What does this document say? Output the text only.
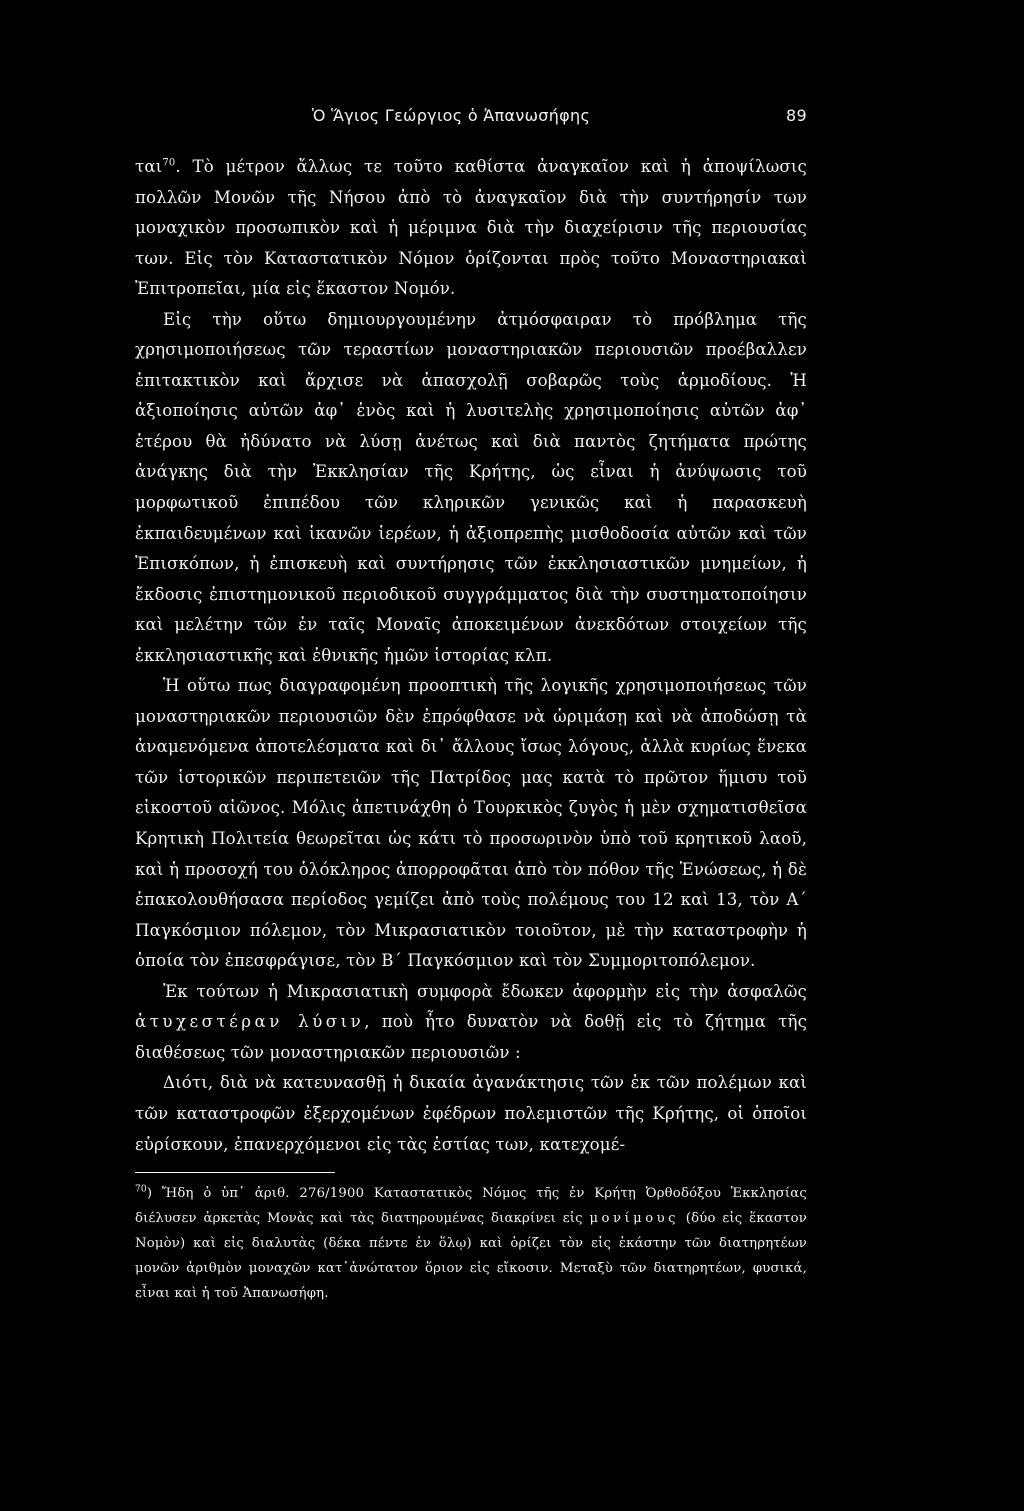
Ὁ Ἅγιος Γεώργιος ὁ Ἀπανωσήφης	89

ται$^{70}$. Τὸ μέτρον ἄλλως τε τοῦτο καθίστα ἀναγκαῖον καὶ ἡ ἀποψίλωσις πολλῶν Μονῶν τῆς Νήσου ἀπὸ τὸ ἀναγκαῖον διὰ τὴν συντήρησίν των μοναχικὸν προσωπικὸν καὶ ἡ μέριμνα διὰ τὴν διαχείρισιν τῆς περιουσίας των. Εἰς τὸν Καταστατικὸν Νόμον ὁρίζονται πρὸς τοῦτο Μοναστηριακαὶ Ἐπιτροπεῖαι, μία εἰς ἕκαστον Νομόν.

Εἰς τὴν οὕτω δημιουργουμένην ἀτμόσφαιραν τὸ πρόβλημα τῆς χρησιμοποιήσεως τῶν τεραστίων μοναστηριακῶν περιουσιῶν προέβαλλεν ἐπιτακτικὸν καὶ ἄρχισε νὰ ἀπασχολῇ σοβαρῶς τοὺς ἁρμοδίους. Ἡ ἀξιοποίησις αὐτῶν ἀφ᾿ ἑνὸς καὶ ἡ λυσιτελὴς χρησιμοποίησις αὐτῶν ἀφ᾿ ἑτέρου θὰ ἠδύνατο νὰ λύσῃ ἀνέτως καὶ διὰ παντὸς ζητήματα πρώτης ἀνάγκης διὰ τὴν Ἐκκλησίαν τῆς Κρήτης, ὡς εἶναι ἡ ἀνύψωσις τοῦ μορφωτικοῦ ἐπιπέδου τῶν κληρικῶν γενικῶς καὶ ἡ παρασκευὴ ἐκπαιδευμένων καὶ ἱκανῶν ἱερέων, ἡ ἀξιοπρεπὴς μισθοδοσία αὐτῶν καὶ τῶν Ἐπισκόπων, ἡ ἐπισκευὴ καὶ συντήρησις τῶν ἐκκλησιαστικῶν μνημείων, ἡ ἔκδοσις ἐπιστημονικοῦ περιοδικοῦ συγγράμματος διὰ τὴν συστηματοποίησιν καὶ μελέτην τῶν ἐν ταῖς Μοναῖς ἀποκειμένων ἀνεκδότων στοιχείων τῆς ἐκκλησιαστικῆς καὶ ἐθνικῆς ἡμῶν ἱστορίας κλπ.

Ἡ οὕτω πως διαγραφομένη προοπτικὴ τῆς λογικῆς χρησιμοποιήσεως τῶν μοναστηριακῶν περιουσιῶν δὲν ἐπρόφθασε νὰ ὡριμάσῃ καὶ νὰ ἀποδώσῃ τὰ ἀναμενόμενα ἀποτελέσματα καὶ δι᾿ ἄλλους ἴσως λόγους, ἀλλὰ κυρίως ἕνεκα τῶν ἱστορικῶν περιπετειῶν τῆς Πατρίδος μας κατὰ τὸ πρῶτον ἥμισυ τοῦ εἰκοστοῦ αἰῶνος. Μόλις ἀπετινάχθη ὁ Τουρκικὸς ζυγὸς ἡ μὲν σχηματισθεῖσα Κρητικὴ Πολιτεία θεωρεῖται ὡς κάτι τὸ προσωρινὸν ὑπὸ τοῦ κρητικοῦ λαοῦ, καὶ ἡ προσοχή του ὁλόκληρος ἀπορροφᾶται ἀπὸ τὸν πόθον τῆς Ἑνώσεως, ἡ δὲ ἐπακολουθήσασα περίοδος γεμίζει ἀπὸ τοὺς πολέμους του 12 καὶ 13, τὸν Α΄ Παγκόσμιον πόλεμον, τὸν Μικρασιατικὸν τοιοῦτον, μὲ τὴν καταστροφὴν ἡ ὁποία τὸν ἐπεσφράγισε, τὸν Β΄ Παγκόσμιον καὶ τὸν Συμμοριτοπόλεμον.

Ἐκ τούτων ἡ Μικρασιατικὴ συμφορὰ ἔδωκεν ἀφορμὴν εἰς τὴν ἀσφαλῶς ἀτυχεστέραν λύσιν, ποὺ ἦτο δυνατὸν νὰ δοθῇ εἰς τὸ ζήτημα τῆς διαθέσεως τῶν μοναστηριακῶν περιουσιῶν :

Διότι, διὰ νὰ κατευνασθῇ ἡ δικαία ἀγανάκτησις τῶν ἐκ τῶν πολέμων καὶ τῶν καταστροφῶν ἐξερχομένων ἐφέδρων πολεμιστῶν τῆς Κρήτης, οἱ ὁποῖοι εὑρίσκουν, ἐπανερχόμενοι εἰς τὰς ἑστίας των, κατεχομέ-

$^{70}$) Ἤδη ὁ ὑπ᾿ ἀριθ. 276/1900 Καταστατικὸς Νόμος τῆς ἐν Κρήτῃ Ὀρθοδόξου Ἐκκλησίας διέλυσεν ἀρκετὰς Μονὰς καὶ τὰς διατηρουμένας διακρίνει εἰς μονίμους (δύο εἰς ἕκαστον Νομὸν) καὶ εἰς διαλυτὰς (δέκα πέντε ἐν ὅλῳ) καὶ ὁρίζει τὸν εἰς ἑκάστην τῶν διατηρητέων μονῶν ἀριθμὸν μοναχῶν κατ᾿ἀνώτατον ὅριον εἰς εἴκοσιν. Μεταξὺ τῶν διατηρητέων, φυσικά, εἶναι καὶ ἡ τοῦ Ἀπανωσήφη.
